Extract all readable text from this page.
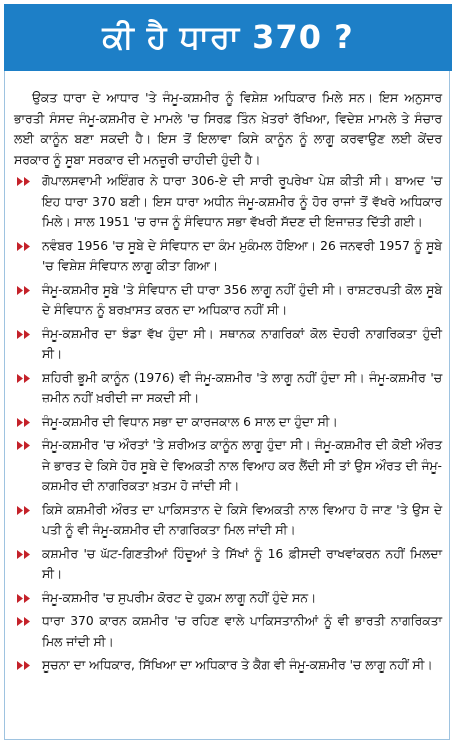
ਕੀ ਹੈ ਧਾਰਾ 370 ?

ਉਕਤ ਧਾਰਾ ਦੇ ਆਧਾਰ 'ਤੇ ਜੰਮੂ-ਕਸ਼ਮੀਰ ਨੂੰ ਵਿਸ਼ੇਸ਼ ਅਧਿਕਾਰ ਮਿਲੇ ਸਨ। ਇਸ ਅਨੁਸਾਰ ਭਾਰਤੀ ਸੰਸਦ ਜੰਮੂ-ਕਸ਼ਮੀਰ ਦੇ ਮਾਮਲੇ 'ਚ ਸਿਰਫ਼ ਤਿੰਨ ਖ਼ੇਤਰਾਂ ਰੱਖਿਆ, ਵਿਦੇਸ਼ ਮਾਮਲੇ ਤੇ ਸੰਚਾਰ ਲਈ ਕਾਨੂੰਨ ਬਣਾ ਸਕਦੀ ਹੈ। ਇਸ ਤੋਂ ਇਲਾਵਾ ਕਿਸੇ ਕਾਨੂੰਨ ਨੂੰ ਲਾਗੂ ਕਰਵਾਉਣ ਲਈ ਕੇਂਦਰ ਸਰਕਾਰ ਨੂੰ ਸੂਬਾ ਸਰਕਾਰ ਦੀ ਮਨਜ਼ੂਰੀ ਚਾਹੀਦੀ ਹੁੰਦੀ ਹੈ।

ਗੋਪਾਲਸਵਾਮੀ ਅਇੰਗਰ ਨੇ ਧਾਰਾ 306-ਏ ਦੀ ਸਾਰੀ ਰੂਪਰੇਖਾ ਪੇਸ਼ ਕੀਤੀ ਸੀ। ਬਾਅਦ 'ਚ ਇਹ ਧਾਰਾ 370 ਬਣੀ। ਇਸ ਧਾਰਾ ਅਧੀਨ ਜੰਮੂ-ਕਸ਼ਮੀਰ ਨੂੰ ਹੋਰ ਰਾਜਾਂ ਤੋਂ ਵੱਖਰੇ ਅਧਿਕਾਰ ਮਿਲੇ। ਸਾਲ 1951 'ਚ ਰਾਜ ਨੂੰ ਸੰਵਿਧਾਨ ਸਭਾ ਵੱਖਰੀ ਸੱਦਣ ਦੀ ਇਜਾਜ਼ਤ ਦਿੱਤੀ ਗਈ।
ਨਵੰਬਰ 1956 'ਚ ਸੂਬੇ ਦੇ ਸੰਵਿਧਾਨ ਦਾ ਕੰਮ ਮੁਕੰਮਲ ਹੋਇਆ। 26 ਜਨਵਰੀ 1957 ਨੂੰ ਸੂਬੇ 'ਚ ਵਿਸ਼ੇਸ਼ ਸੰਵਿਧਾਨ ਲਾਗੂ ਕੀਤਾ ਗਿਆ।
ਜੰਮੂ-ਕਸ਼ਮੀਰ ਸੂਬੇ 'ਤੇ ਸੰਵਿਧਾਨ ਦੀ ਧਾਰਾ 356 ਲਾਗੂ ਨਹੀਂ ਹੁੰਦੀ ਸੀ। ਰਾਸ਼ਟਰਪਤੀ ਕੋਲ ਸੂਬੇ ਦੇ ਸੰਵਿਧਾਨ ਨੂੰ ਬਰਖ਼ਾਸਤ ਕਰਨ ਦਾ ਅਧਿਕਾਰ ਨਹੀਂ ਸੀ।
ਜੰਮੂ-ਕਸ਼ਮੀਰ ਦਾ ਝੰਡਾ ਵੱਖ ਹੁੰਦਾ ਸੀ। ਸਥਾਨਕ ਨਾਗਰਿਕਾਂ ਕੋਲ ਦੋਹਰੀ ਨਾਗਰਿਕਤਾ ਹੁੰਦੀ ਸੀ।
ਸ਼ਹਿਰੀ ਭੂਮੀ ਕਾਨੂੰਨ (1976) ਵੀ ਜੰਮੂ-ਕਸ਼ਮੀਰ 'ਤੇ ਲਾਗੂ ਨਹੀਂ ਹੁੰਦਾ ਸੀ। ਜੰਮੂ-ਕਸ਼ਮੀਰ 'ਚ ਜ਼ਮੀਨ ਨਹੀਂ ਖ਼ਰੀਦੀ ਜਾ ਸਕਦੀ ਸੀ।
ਜੰਮੂ-ਕਸ਼ਮੀਰ ਦੀ ਵਿਧਾਨ ਸਭਾ ਦਾ ਕਾਰਜਕਾਲ 6 ਸਾਲ ਦਾ ਹੁੰਦਾ ਸੀ।
ਜੰਮੂ-ਕਸ਼ਮੀਰ 'ਚ ਔਰਤਾਂ 'ਤੇ ਸ਼ਰੀਅਤ ਕਾਨੂੰਨ ਲਾਗੂ ਹੁੰਦਾ ਸੀ। ਜੰਮੂ-ਕਸ਼ਮੀਰ ਦੀ ਕੋਈ ਔਰਤ ਜੇ ਭਾਰਤ ਦੇ ਕਿਸੇ ਹੋਰ ਸੂਬੇ ਦੇ ਵਿਅਕਤੀ ਨਾਲ ਵਿਆਹ ਕਰ ਲੈਂਦੀ ਸੀ ਤਾਂ ਉਸ ਔਰਤ ਦੀ ਜੰਮੂ-ਕਸ਼ਮੀਰ ਦੀ ਨਾਗਰਿਕਤਾ ਖ਼ਤਮ ਹੋ ਜਾਂਦੀ ਸੀ।
ਕਿਸੇ ਕਸ਼ਮੀਰੀ ਔਰਤ ਦਾ ਪਾਕਿਸਤਾਨ ਦੇ ਕਿਸੇ ਵਿਅਕਤੀ ਨਾਲ ਵਿਆਹ ਹੋ ਜਾਣ 'ਤੇ ਉਸ ਦੇ ਪਤੀ ਨੂੰ ਵੀ ਜੰਮੂ-ਕਸ਼ਮੀਰ ਦੀ ਨਾਗਰਿਕਤਾ ਮਿਲ ਜਾਂਦੀ ਸੀ।
ਕਸ਼ਮੀਰ 'ਚ ਘੱਟ-ਗਿਣਤੀਆਂ ਹਿੰਦੂਆਂ ਤੇ ਸਿੱਖਾਂ ਨੂੰ 16 ਫ਼ੀਸਦੀ ਰਾਖਵਾਂਕਰਨ ਨਹੀਂ ਮਿਲਦਾ ਸੀ।
ਜੰਮੂ-ਕਸ਼ਮੀਰ 'ਚ ਸੁਪਰੀਮ ਕੋਰਟ ਦੇ ਹੁਕਮ ਲਾਗੂ ਨਹੀਂ ਹੁੰਦੇ ਸਨ।
ਧਾਰਾ 370 ਕਾਰਨ ਕਸ਼ਮੀਰ 'ਚ ਰਹਿਣ ਵਾਲੇ ਪਾਕਿਸਤਾਨੀਆਂ ਨੂੰ ਵੀ ਭਾਰਤੀ ਨਾਗਰਿਕਤਾ ਮਿਲ ਜਾਂਦੀ ਸੀ।
ਸੂਚਨਾ ਦਾ ਅਧਿਕਾਰ, ਸਿੱਖਿਆ ਦਾ ਅਧਿਕਾਰ ਤੇ ਕੈਗ ਵੀ ਜੰਮੂ-ਕਸ਼ਮੀਰ 'ਚ ਲਾਗੂ ਨਹੀਂ ਸੀ।
